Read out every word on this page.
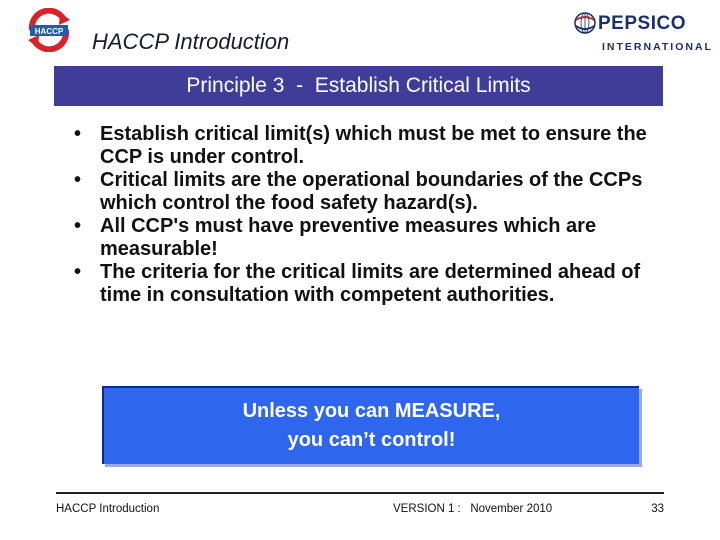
HACCP HACCP Introduction
PEPSICO
INTERNATIONAL
Principle 3  -  Establish Critical Limits
• Establish critical limit(s) which must be met to ensure the CCP is under control.
• Critical limits are the operational boundaries of the CCPs which control the food safety hazard(s).
• All CCP's must have preventive measures which are measurable!
• The criteria for the critical limits are determined ahead of time in consultation with competent authorities.
Unless you can MEASURE,
you can’t control!
HACCP Introduction	VERSION 1 :   November 2010	33
